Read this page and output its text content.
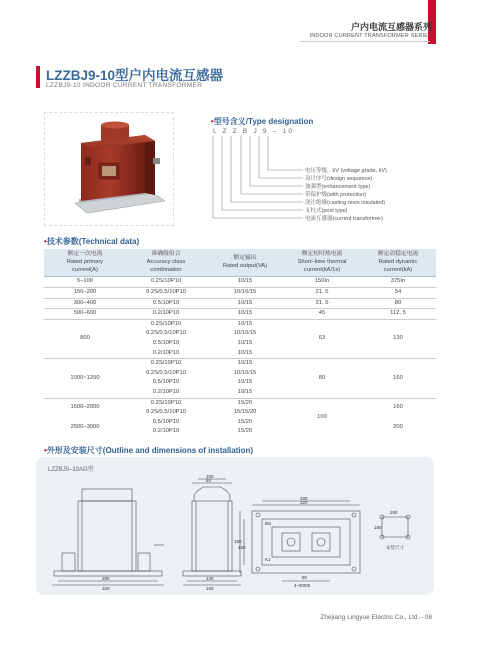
户内电流互感器系列
INDOOR CURRENT TRANSFORMER SERIES
LZZBJ9-10型户内电流互感器
LZZBJ9-10 INDOOR CURRENT TRANSFORMER
•型号含义/Type designation
L Z Z B J 9 – 10
电压等级，kV (voltage grade, kV)
设计序号(design sequence)
加强型(enhancement type)
带保护级(with protection)
浇注绝缘(casting resin insulated)
支柱式(post type)
电流互感器(current transformer)
•技术参数(Technical data)
额定一次电流
Rated primary
current(A)	准确级组合
Accuracy class
combination	额定输出
Rated output(VA)	额定短时热电流
Short–time thermal
current(kA/1s)	额定动稳定电流
Rated dynamic
current(kA)
5–100	0.2S/10P10	10/15	150In	375In
150–200	0.2S/0.5/10P10	10/10/15	21. 5	54
300–400	0.5/10P10	10/15	31. 5	80
500–600	0.2/10P10	10/15	45	112. 5
800	0.2S/10P10	10/15	63	130
	0.2S/0.5/10P10	10/10/15		
	0.5/10P10	10/15		
	0.2/10P10	10/15		
1000~1250	0.2S/10P10	10/15	80	160
	0.2S/0.5/10P10	10/10/15		
	0.5/10P10	10/15		
	0.2/10P10	10/15		
1500–2000	0.2S/10P10	15/20	100	160
	0.2S/0.5/10P10	15/15/20		
2500–3000	0.5/10P10	15/20		200
	0.2/10P10	15/20		
•外形及安装尺寸(Outline and dimensions of installation)
LZZBJ9–10AG型
280
320
100
84
130
150
320
280
180
150
80
4–Φ005
8N
K1
180
280
安装尺寸
Zhejiang Lingyue Electric Co., Ltd.– 08
